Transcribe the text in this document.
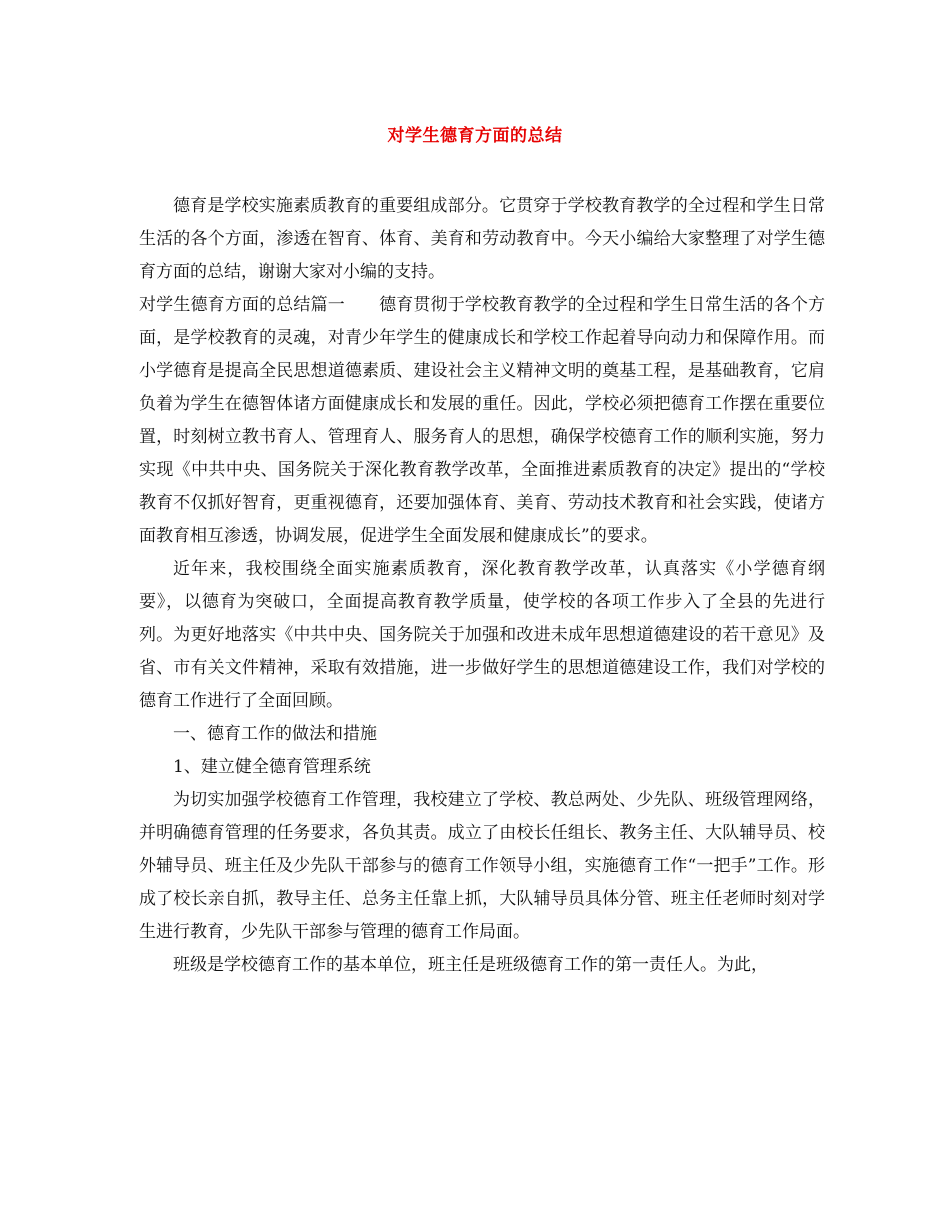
对学生德育方面的总结

德育是学校实施素质教育的重要组成部分。它贯穿于学校教育教学的全过程和学生日常生活的各个方面，渗透在智育、体育、美育和劳动教育中。今天小编给大家整理了对学生德育方面的总结，谢谢大家对小编的支持。

对学生德育方面的总结篇一 德育贯彻于学校教育教学的全过程和学生日常生活的各个方面，是学校教育的灵魂，对青少年学生的健康成长和学校工作起着导向动力和保障作用。而小学德育是提高全民思想道德素质、建设社会主义精神文明的奠基工程，是基础教育，它肩负着为学生在德智体诸方面健康成长和发展的重任。因此，学校必须把德育工作摆在重要位置，时刻树立教书育人、管理育人、服务育人的思想，确保学校德育工作的顺利实施，努力实现《中共中央、国务院关于深化教育教学改革，全面推进素质教育的决定》提出的“学校教育不仅抓好智育，更重视德育，还要加强体育、美育、劳动技术教育和社会实践，使诸方面教育相互渗透，协调发展，促进学生全面发展和健康成长”的要求。

近年来，我校围绕全面实施素质教育，深化教育教学改革，认真落实《小学德育纲要》，以德育为突破口，全面提高教育教学质量，使学校的各项工作步入了全县的先进行列。为更好地落实《中共中央、国务院关于加强和改进未成年思想道德建设的若干意见》及省、市有关文件精神，采取有效措施，进一步做好学生的思想道德建设工作，我们对学校的德育工作进行了全面回顾。

一、德育工作的做法和措施

1、建立健全德育管理系统

为切实加强学校德育工作管理，我校建立了学校、教总两处、少先队、班级管理网络，并明确德育管理的任务要求，各负其责。成立了由校长任组长、教务主任、大队辅导员、校外辅导员、班主任及少先队干部参与的德育工作领导小组，实施德育工作“一把手”工作。形成了校长亲自抓，教导主任、总务主任靠上抓，大队辅导员具体分管、班主任老师时刻对学生进行教育，少先队干部参与管理的德育工作局面。

班级是学校德育工作的基本单位，班主任是班级德育工作的第一责任人。为此，
